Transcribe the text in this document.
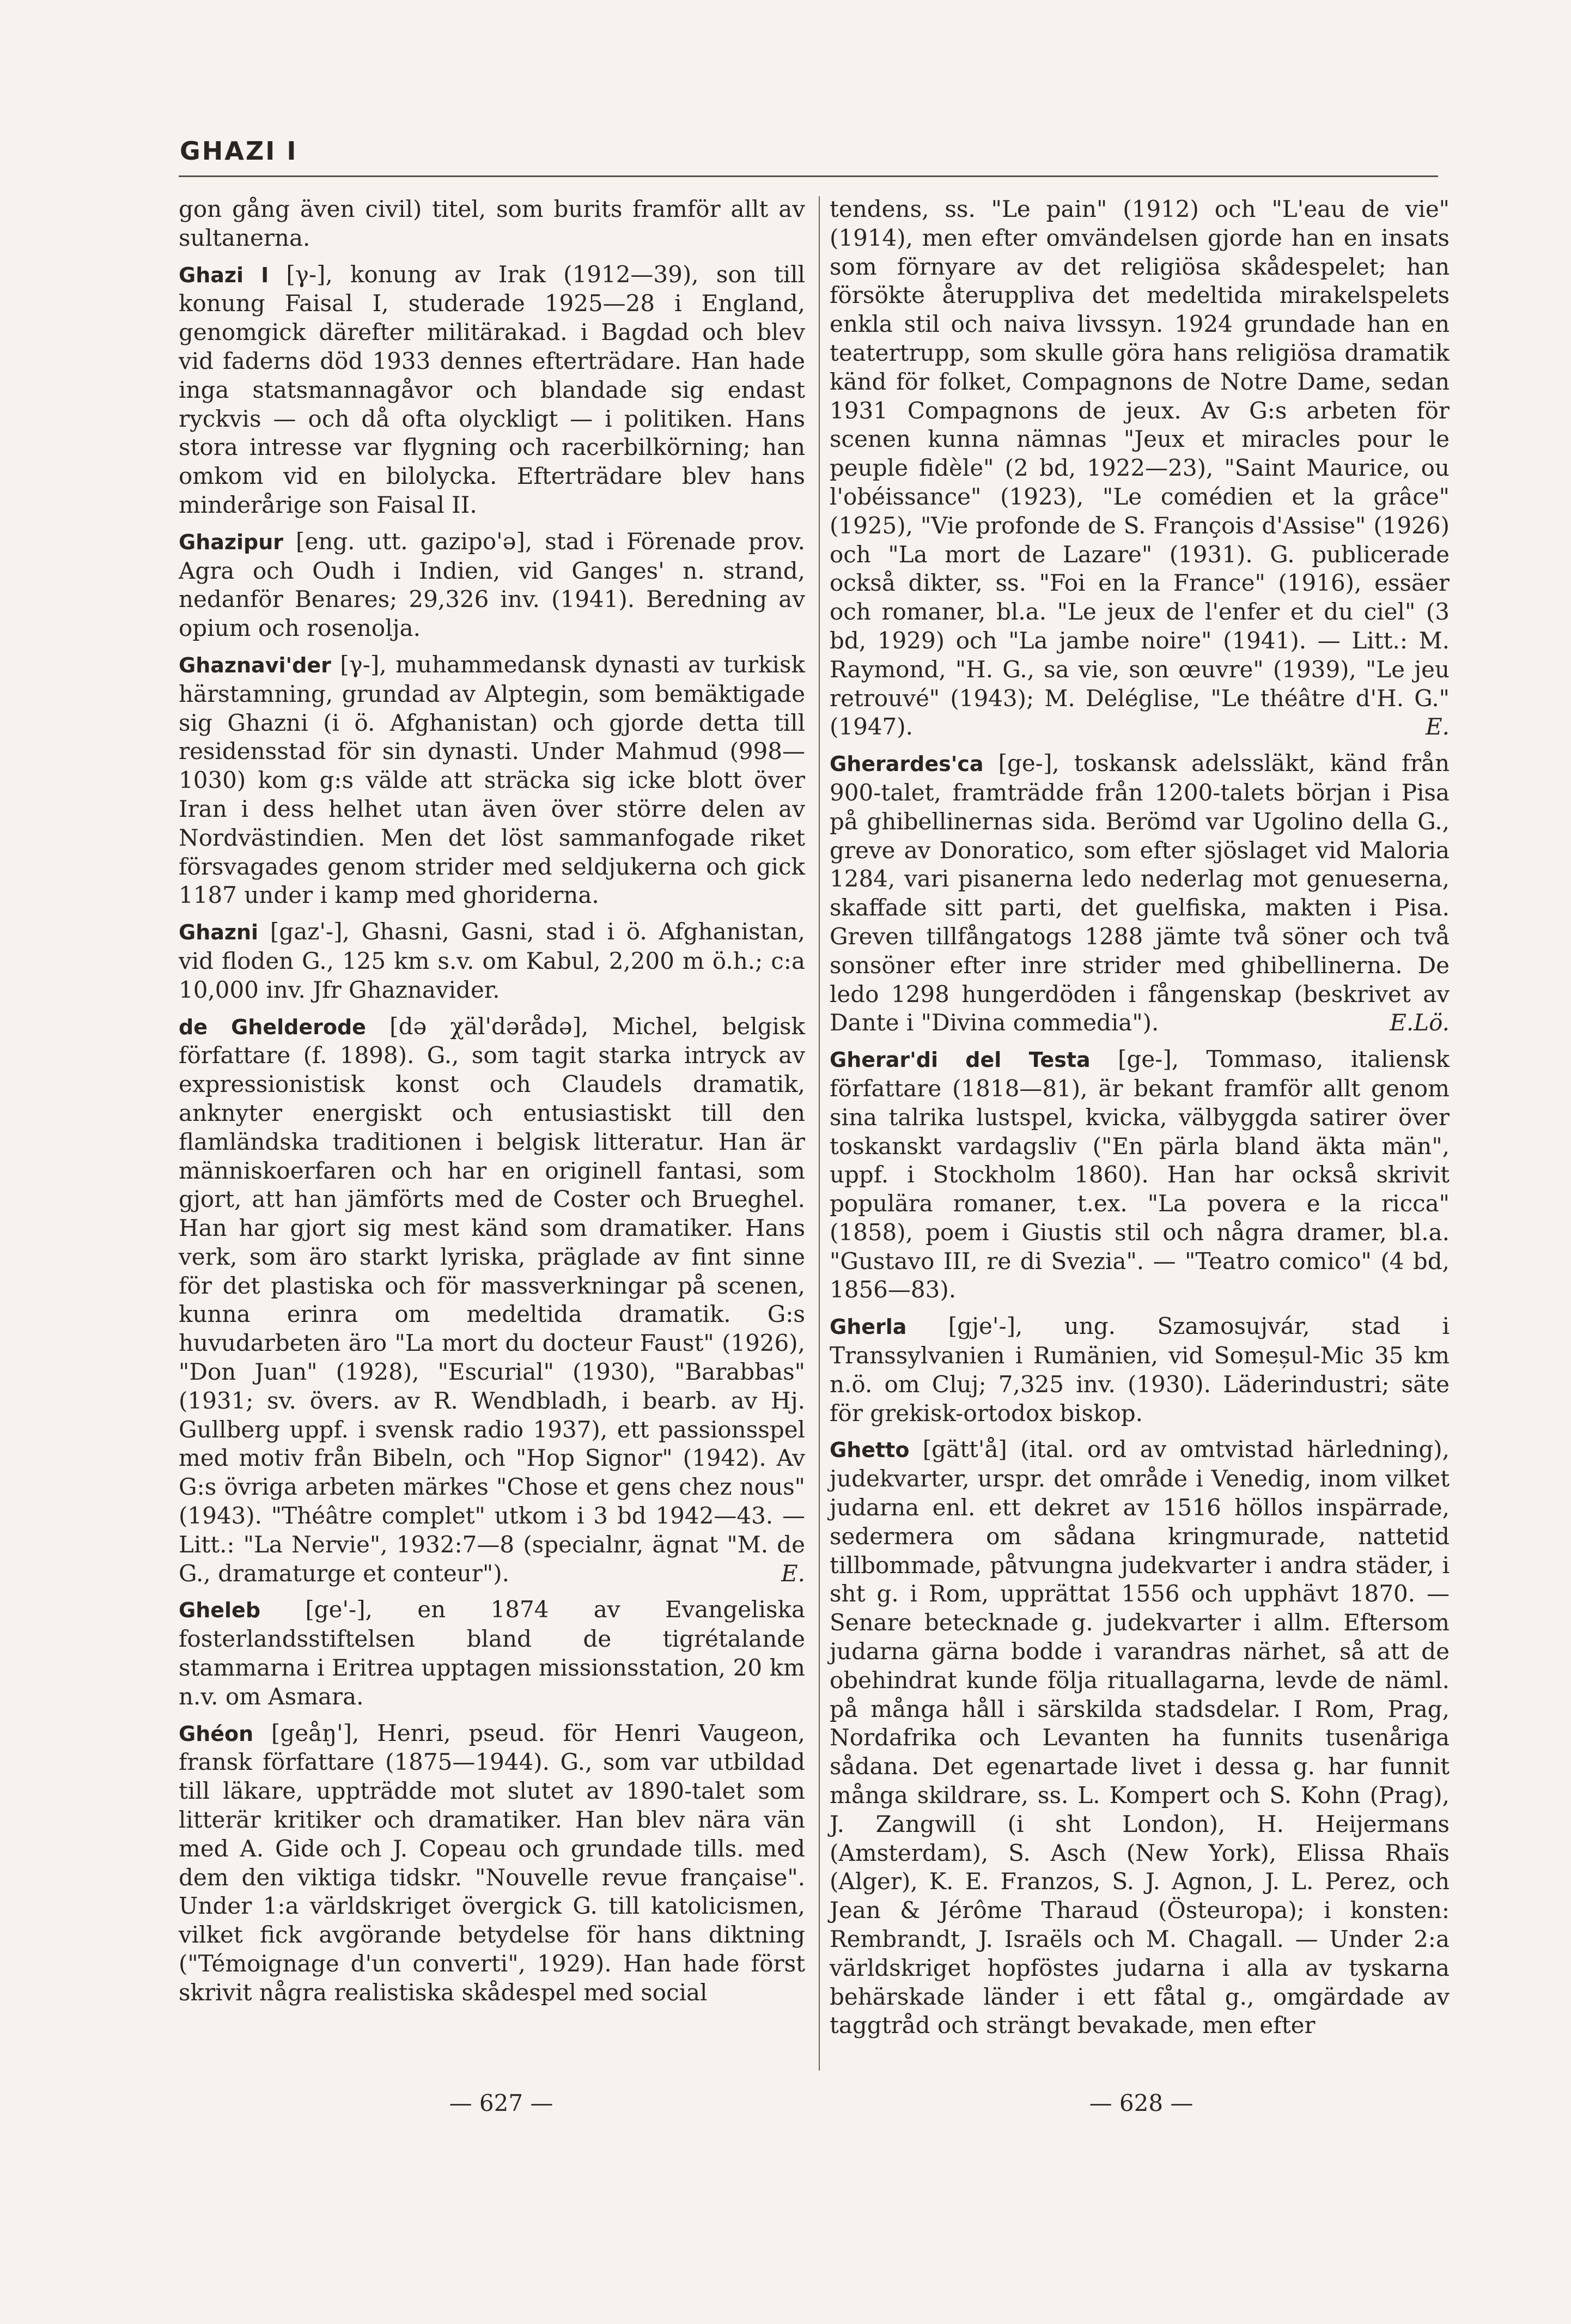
GHAZI I

gon gång även civil) titel, som burits framför allt av sultanerna.

Ghazi I [γ-], konung av Irak (1912—39), son till konung Faisal I, studerade 1925—28 i England, genomgick därefter militärakad. i Bagdad och blev vid faderns död 1933 dennes efterträdare. Han hade inga statsmannagåvor och blandade sig endast ryckvis — och då ofta olyckligt — i politiken. Hans stora intresse var flygning och racerbilkörning; han omkom vid en bilolycka. Efterträdare blev hans minderårige son Faisal II.

Ghazipur [eng. utt. gazipo'ə], stad i Förenade prov. Agra och Oudh i Indien, vid Ganges' n. strand, nedanför Benares; 29,326 inv. (1941). Beredning av opium och rosenolja.

Ghaznavi'der [γ-], muhammedansk dynasti av turkisk härstamning, grundad av Alptegin, som bemäktigade sig Ghazni (i ö. Afghanistan) och gjorde detta till residensstad för sin dynasti. Under Mahmud (998—1030) kom g:s välde att sträcka sig icke blott över Iran i dess helhet utan även över större delen av Nordvästindien. Men det löst sammanfogade riket försvagades genom strider med seldjukerna och gick 1187 under i kamp med ghoriderna.

Ghazni [gaz'-], Ghasni, Gasni, stad i ö. Afghanistan, vid floden G., 125 km s.v. om Kabul, 2,200 m ö.h.; c:a 10,000 inv. Jfr Ghaznavider.

de Ghelderode [də χäl'dərådə], Michel, belgisk författare (f. 1898). G., som tagit starka intryck av expressionistisk konst och Claudels dramatik, anknyter energiskt och entusiastiskt till den flamländska traditionen i belgisk litteratur. Han är människoerfaren och har en originell fantasi, som gjort, att han jämförts med de Coster och Brueghel. Han har gjort sig mest känd som dramatiker. Hans verk, som äro starkt lyriska, präglade av fint sinne för det plastiska och för massverkningar på scenen, kunna erinra om medeltida dramatik. G:s huvudarbeten äro "La mort du docteur Faust" (1926), "Don Juan" (1928), "Escurial" (1930), "Barabbas" (1931; sv. övers. av R. Wendbladh, i bearb. av Hj. Gullberg uppf. i svensk radio 1937), ett passionsspel med motiv från Bibeln, och "Hop Signor" (1942). Av G:s övriga arbeten märkes "Chose et gens chez nous" (1943). "Théâtre complet" utkom i 3 bd 1942—43. — Litt.: "La Nervie", 1932:7—8 (specialnr, ägnat "M. de G., dramaturge et conteur").	E.

Gheleb [ge'-], en 1874 av Evangeliska fosterlandsstiftelsen bland de tigrétalande stammarna i Eritrea upptagen missionsstation, 20 km n.v. om Asmara.

Ghéon [geåŋ'], Henri, pseud. för Henri Vaugeon, fransk författare (1875—1944). G., som var utbildad till läkare, uppträdde mot slutet av 1890-talet som litterär kritiker och dramatiker. Han blev nära vän med A. Gide och J. Copeau och grundade tills. med dem den viktiga tidskr. "Nouvelle revue française". Under 1:a världskriget övergick G. till katolicismen, vilket fick avgörande betydelse för hans diktning ("Témoignage d'un converti", 1929). Han hade först skrivit några realistiska skådespel med social

tendens, ss. "Le pain" (1912) och "L'eau de vie" (1914), men efter omvändelsen gjorde han en insats som förnyare av det religiösa skådespelet; han försökte återuppliva det medeltida mirakelspelets enkla stil och naiva livssyn. 1924 grundade han en teatertrupp, som skulle göra hans religiösa dramatik känd för folket, Compagnons de Notre Dame, sedan 1931 Compagnons de jeux. Av G:s arbeten för scenen kunna nämnas "Jeux et miracles pour le peuple fidèle" (2 bd, 1922—23), "Saint Maurice, ou l'obéissance" (1923), "Le comédien et la grâce" (1925), "Vie profonde de S. François d'Assise" (1926) och "La mort de Lazare" (1931). G. publicerade också dikter, ss. "Foi en la France" (1916), essäer och romaner, bl.a. "Le jeux de l'enfer et du ciel" (3 bd, 1929) och "La jambe noire" (1941). — Litt.: M. Raymond, "H. G., sa vie, son œuvre" (1939), "Le jeu retrouvé" (1943); M. Deléglise, "Le théâtre d'H. G." (1947).	E.

Gherardes'ca [ge-], toskansk adelssläkt, känd från 900-talet, framträdde från 1200-talets början i Pisa på ghibellinernas sida. Berömd var Ugolino della G., greve av Donoratico, som efter sjöslaget vid Maloria 1284, vari pisanerna ledo nederlag mot genueserna, skaffade sitt parti, det guelfiska, makten i Pisa. Greven tillfångatogs 1288 jämte två söner och två sonsöner efter inre strider med ghibellinerna. De ledo 1298 hungerdöden i fångenskap (beskrivet av Dante i "Divina commedia").	E.Lö.

Gherar'di del Testa [ge-], Tommaso, italiensk författare (1818—81), är bekant framför allt genom sina talrika lustspel, kvicka, välbyggda satirer över toskanskt vardagsliv ("En pärla bland äkta män", uppf. i Stockholm 1860). Han har också skrivit populära romaner, t.ex. "La povera e la ricca" (1858), poem i Giustis stil och några dramer, bl.a. "Gustavo III, re di Svezia". — "Teatro comico" (4 bd, 1856—83).

Gherla [gje'-], ung. Szamosujvár, stad i Transsylvanien i Rumänien, vid Someșul-Mic 35 km n.ö. om Cluj; 7,325 inv. (1930). Läderindustri; säte för grekisk-ortodox biskop.

Ghetto [gätt'å] (ital. ord av omtvistad härledning), judekvarter, urspr. det område i Venedig, inom vilket judarna enl. ett dekret av 1516 höllos inspärrade, sedermera om sådana kringmurade, nattetid tillbommade, påtvungna judekvarter i andra städer, i sht g. i Rom, upprättat 1556 och upphävt 1870. — Senare betecknade g. judekvarter i allm. Eftersom judarna gärna bodde i varandras närhet, så att de obehindrat kunde följa rituallagarna, levde de näml. på många håll i särskilda stadsdelar. I Rom, Prag, Nordafrika och Levanten ha funnits tusenåriga sådana. Det egenartade livet i dessa g. har funnit många skildrare, ss. L. Kompert och S. Kohn (Prag), J. Zangwill (i sht London), H. Heijermans (Amsterdam), S. Asch (New York), Elissa Rhaïs (Alger), K. E. Franzos, S. J. Agnon, J. L. Perez, och Jean & Jérôme Tharaud (Östeuropa); i konsten: Rembrandt, J. Israëls och M. Chagall. — Under 2:a världskriget hopföstes judarna i alla av tyskarna behärskade länder i ett fåtal g., omgärdade av taggtråd och strängt bevakade, men efter

— 627 —	— 628 —
